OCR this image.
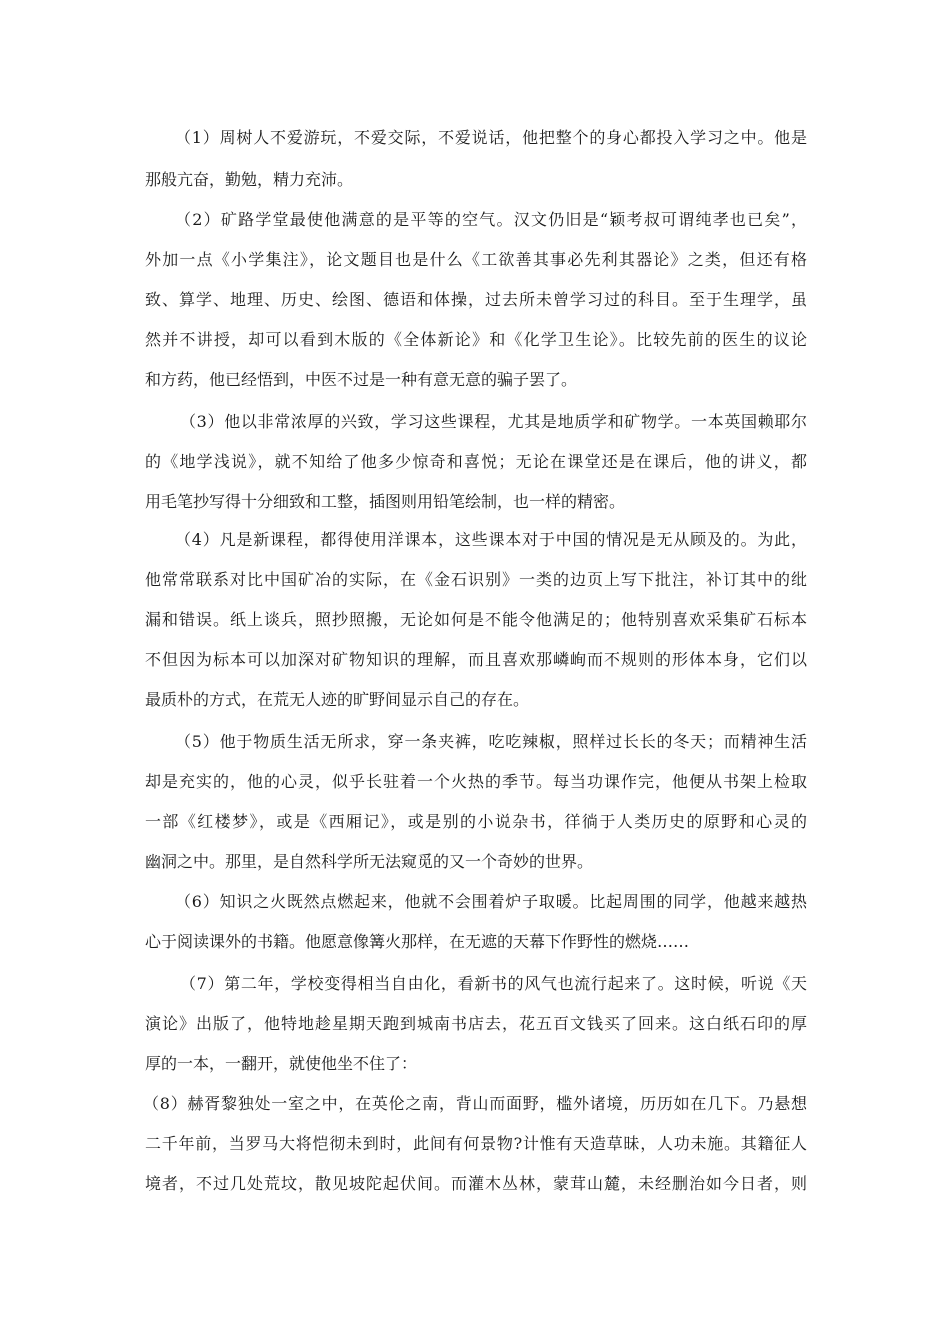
（1）周树人不爱游玩，不爱交际，不爱说话，他把整个的身心都投入学习之中。他是
那般亢奋，勤勉，精力充沛。
（2）矿路学堂最使他满意的是平等的空气。汉文仍旧是“颖考叔可谓纯孝也已矣”，
外加一点《小学集注》，论文题目也是什么《工欲善其事必先利其器论》之类，但还有格
致、算学、地理、历史、绘图、德语和体操，过去所未曾学习过的科目。至于生理学，虽
然并不讲授，却可以看到木版的《全体新论》和《化学卫生论》。比较先前的医生的议论
和方药，他已经悟到，中医不过是一种有意无意的骗子罢了。
（3）他以非常浓厚的兴致，学习这些课程，尤其是地质学和矿物学。一本英国赖耶尔
的《地学浅说》，就不知给了他多少惊奇和喜悦；无论在课堂还是在课后，他的讲义，都
用毛笔抄写得十分细致和工整，插图则用铅笔绘制，也一样的精密。
（4）凡是新课程，都得使用洋课本，这些课本对于中国的情况是无从顾及的。为此，
他常常联系对比中国矿冶的实际，在《金石识别》一类的边页上写下批注，补订其中的纰
漏和错误。纸上谈兵，照抄照搬，无论如何是不能令他满足的；他特别喜欢采集矿石标本
不但因为标本可以加深对矿物知识的理解，而且喜欢那嶙峋而不规则的形体本身，它们以
最质朴的方式，在荒无人迹的旷野间显示自己的存在。
（5）他于物质生活无所求，穿一条夹裤，吃吃辣椒，照样过长长的冬天；而精神生活
却是充实的，他的心灵，似乎长驻着一个火热的季节。每当功课作完，他便从书架上检取
一部《红楼梦》，或是《西厢记》，或是别的小说杂书，徉徜于人类历史的原野和心灵的
幽洞之中。那里，是自然科学所无法窥觅的又一个奇妙的世界。
（6）知识之火既然点燃起来，他就不会围着炉子取暖。比起周围的同学，他越来越热
心于阅读课外的书籍。他愿意像篝火那样，在无遮的天幕下作野性的燃烧……
（7）第二年，学校变得相当自由化，看新书的风气也流行起来了。这时候，听说《天
演论》出版了，他特地趁星期天跑到城南书店去，花五百文钱买了回来。这白纸石印的厚
厚的一本，一翻开，就使他坐不住了：
（8）赫胥黎独处一室之中，在英伦之南，背山而面野，槛外诸境，历历如在几下。乃悬想
二千年前，当罗马大将恺彻未到时，此间有何景物?计惟有天造草昧，人功未施。其籍征人
境者，不过几处荒坟，散见坡陀起伏间。而灌木丛林，蒙茸山麓，未经删治如今日者，则
